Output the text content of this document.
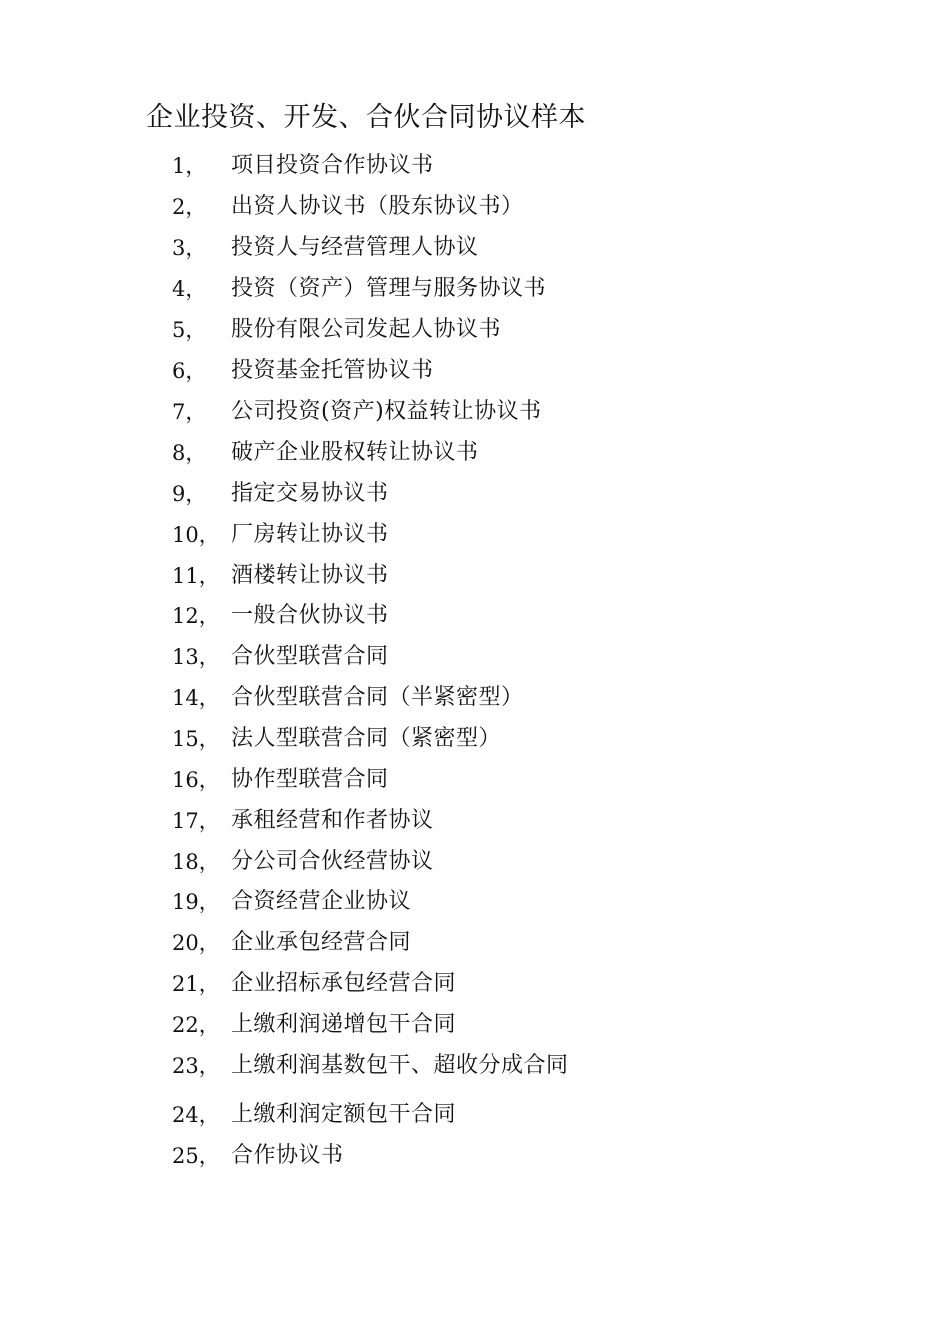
企业投资、开发、合伙合同协议样本
1， 项目投资合作协议书
2， 出资人协议书（股东协议书）
3， 投资人与经营管理人协议
4， 投资（资产）管理与服务协议书
5， 股份有限公司发起人协议书
6， 投资基金托管协议书
7， 公司投资(资产)权益转让协议书
8， 破产企业股权转让协议书
9， 指定交易协议书
10， 厂房转让协议书
11， 酒楼转让协议书
12， 一般合伙协议书
13， 合伙型联营合同
14， 合伙型联营合同（半紧密型）
15， 法人型联营合同（紧密型）
16， 协作型联营合同
17， 承租经营和作者协议
18， 分公司合伙经营协议
19， 合资经营企业协议
20， 企业承包经营合同
21， 企业招标承包经营合同
22， 上缴利润递增包干合同
23， 上缴利润基数包干、超收分成合同
24， 上缴利润定额包干合同
25， 合作协议书
